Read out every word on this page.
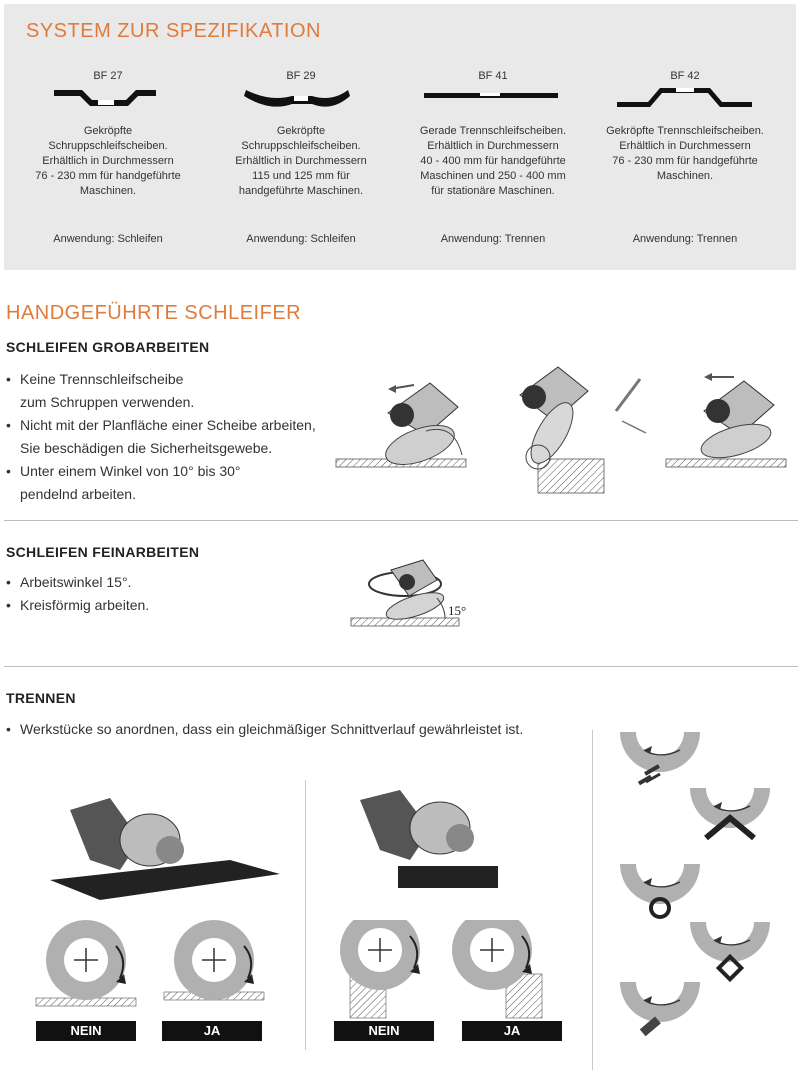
SYSTEM ZUR SPEZIFIKATION
BF 27
Gekröpfte
Schruppschleifscheiben.
Erhältlich in Durchmessern
76 - 230 mm für handgeführte
Maschinen.
Anwendung: Schleifen
BF 29
Gekröpfte
Schruppschleifscheiben.
Erhältlich in Durchmessern
115 und 125 mm für
handgeführte Maschinen.
Anwendung: Schleifen
BF 41
Gerade Trennschleifscheiben.
Erhältlich in Durchmessern
40 - 400 mm für handgeführte
Maschinen und 250 - 400 mm
für stationäre Maschinen.
Anwendung: Trennen
BF 42
Gekröpfte Trennschleifscheiben.
Erhältlich in Durchmessern
76 - 230 mm für handgeführte
Maschinen.
Anwendung: Trennen
HANDGEFÜHRTE SCHLEIFER
SCHLEIFEN GROBARBEITEN
• Keine Trennschleifscheibe
zum Schruppen verwenden.
• Nicht mit der Planfläche einer Scheibe arbeiten,
Sie beschädigen die Sicherheitsgewebe.
• Unter einem Winkel von 10° bis 30°
pendelnd arbeiten.
SCHLEIFEN FEINARBEITEN
• Arbeitswinkel 15°.
• Kreisförmig arbeiten.	15°
TRENNEN
• Werkstücke so anordnen, dass ein gleichmäßiger Schnittverlauf gewährleistet ist.
NEIN	JA	NEIN	JA
